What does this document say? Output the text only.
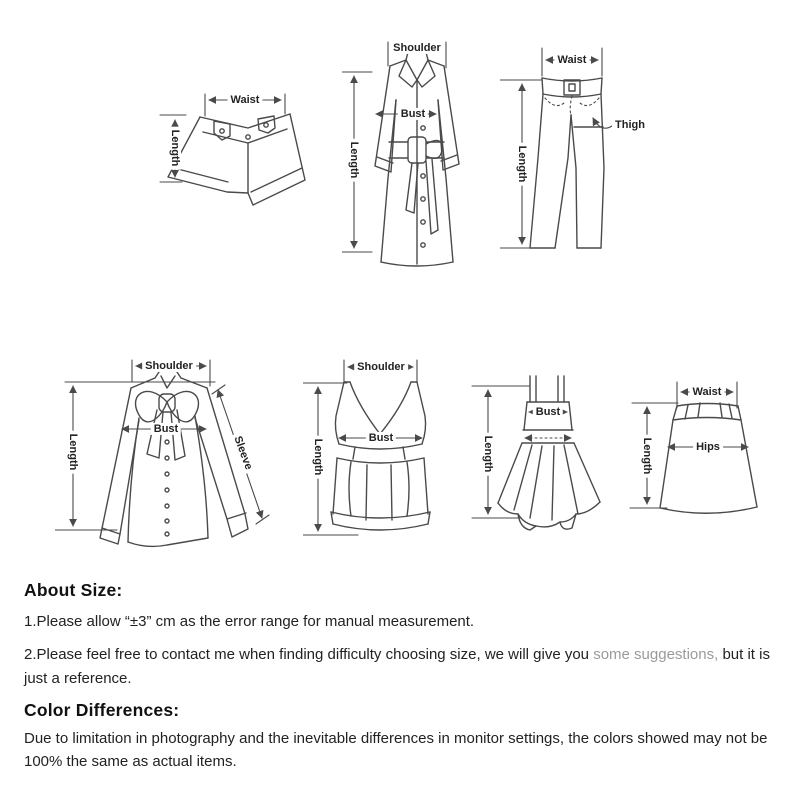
Waist
Length
Shoulder
Bust
Length
Waist
Length
Thigh
Shoulder
Length
Bust
Sleeve
Shoulder
Length
Bust	Length
Bust
Waist
Length	Hips
About Size:

1.Please allow “±3” cm as the error range for manual measurement.

2.Please feel free to contact me when finding difficulty choosing size, we will give you some suggestions, but it is
just a reference.

Color Differences:

Due to limitation in photography and the inevitable differences in monitor settings, the colors showed may not be
100% the same as actual items.
